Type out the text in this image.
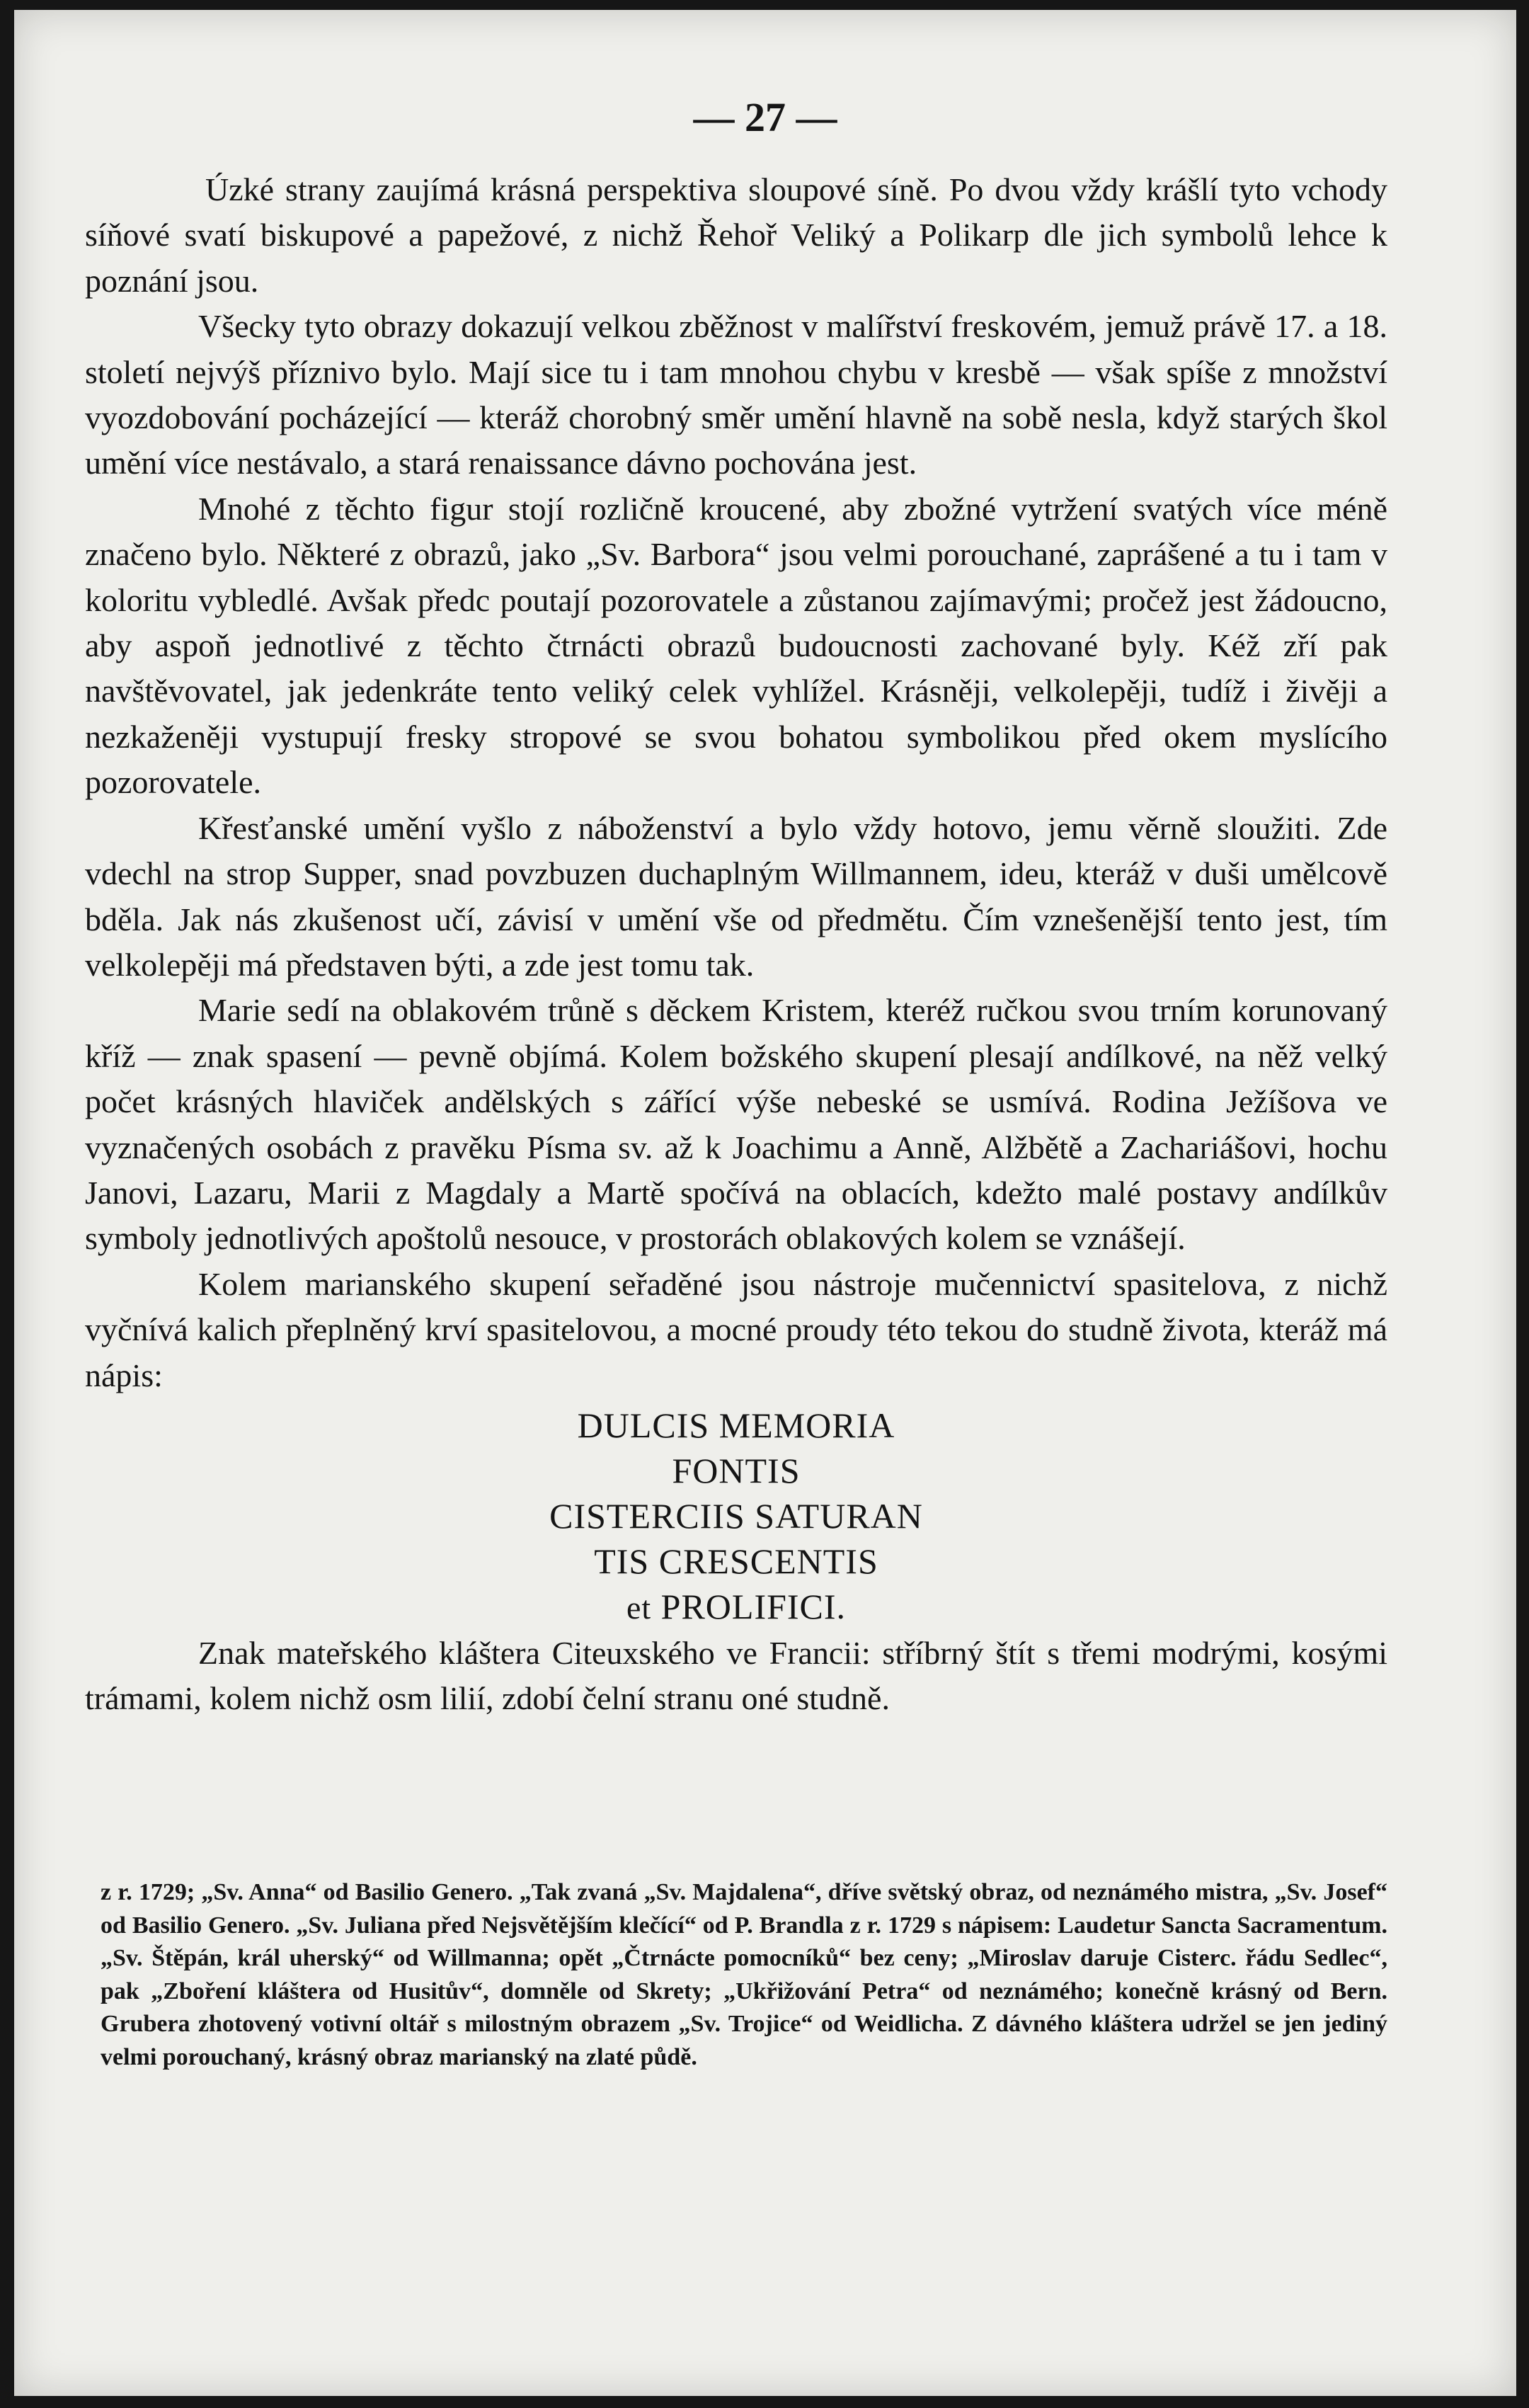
— 27 —

Úzké strany zaujímá krásná perspektiva sloupové síně. Po dvou vždy krášlí tyto vchody síňové svatí biskupové a papežové, z nichž Řehoř Veliký a Polikarp dle jich symbolů lehce k poznání jsou.

Všecky tyto obrazy dokazují velkou zběžnost v malířství freskovém, jemuž právě 17. a 18. století nejvýš příznivo bylo. Mají sice tu i tam mnohou chybu v kresbě — však spíše z množství vyozdobování pocházející — kteráž chorobný směr umění hlavně na sobě nesla, když starých škol umění více nestávalo, a stará renaissance dávno pochována jest.

Mnohé z těchto figur stojí rozličně kroucené, aby zbožné vytržení svatých více méně značeno bylo. Některé z obrazů, jako „Sv. Barbora“ jsou velmi porouchané, zaprášené a tu i tam v koloritu vybledlé. Avšak předc poutají pozorovatele a zůstanou zajímavými; pročež jest žádoucno, aby aspoň jednotlivé z těchto čtrnácti obrazů budoucnosti zachované byly. Kéž zří pak navštěvovatel, jak jedenkráte tento veliký celek vyhlížel. Krásněji, velkolepěji, tudíž i živěji a nezkaženěji vystupují fresky stropové se svou bohatou symbolikou před okem myslícího pozorovatele.

Křesťanské umění vyšlo z náboženství a bylo vždy hotovo, jemu věrně sloužiti. Zde vdechl na strop Supper, snad povzbuzen duchaplným Willmannem, ideu, kteráž v duši umělcově bděla. Jak nás zkušenost učí, závisí v umění vše od předmětu. Čím vznešenější tento jest, tím velkolepěji má představen býti, a zde jest tomu tak.

Marie sedí na oblakovém trůně s děckem Kristem, kteréž ručkou svou trním korunovaný kříž — znak spasení — pevně objímá. Kolem božského skupení plesají andílkové, na něž velký počet krásných hlaviček andělských s zářící výše nebeské se usmívá. Rodina Ježíšova ve vyznačených osobách z pravěku Písma sv. až k Joachimu a Anně, Alžbětě a Zachariášovi, hochu Janovi, Lazaru, Marii z Magdaly a Martě spočívá na oblacích, kdežto malé postavy andílkův symboly jednotlivých apoštolů nesouce, v prostorách oblakových kolem se vznášejí.

Kolem marianského skupení seřaděné jsou nástroje mučennictví spasitelova, z nichž vyčnívá kalich přeplněný krví spasitelovou, a mocné proudy této tekou do studně života, kteráž má nápis:

DULCIS MEMORIA
FONTIS
CISTERCIIS SATURAN
TIS CRESCENTIS
et PROLIFICI.

Znak mateřského kláštera Citeuxského ve Francii: stříbrný štít s třemi modrými, kosými trámami, kolem nichž osm lilií, zdobí čelní stranu oné studně.

z r. 1729; „Sv. Anna“ od Basilio Genero. „Tak zvaná „Sv. Majdalena“, dříve světský obraz, od neznámého mistra, „Sv. Josef“ od Basilio Genero. „Sv. Juliana před Nejsvětějším klečící“ od P. Brandla z r. 1729 s nápisem: Laudetur Sancta Sacramentum. „Sv. Štěpán, král uherský“ od Willmanna; opět „Čtrnácte pomocníků“ bez ceny; „Miroslav daruje Cisterc. řádu Sedlec“, pak „Zboření kláštera od Husitův“, domněle od Skrety; „Ukřižování Petra“ od neznámého; konečně krásný od Bern. Grubera zhotovený votivní oltář s milostným obrazem „Sv. Trojice“ od Weidlicha. Z dávného kláštera udržel se jen jediný velmi porouchaný, krásný obraz marianský na zlaté půdě.
